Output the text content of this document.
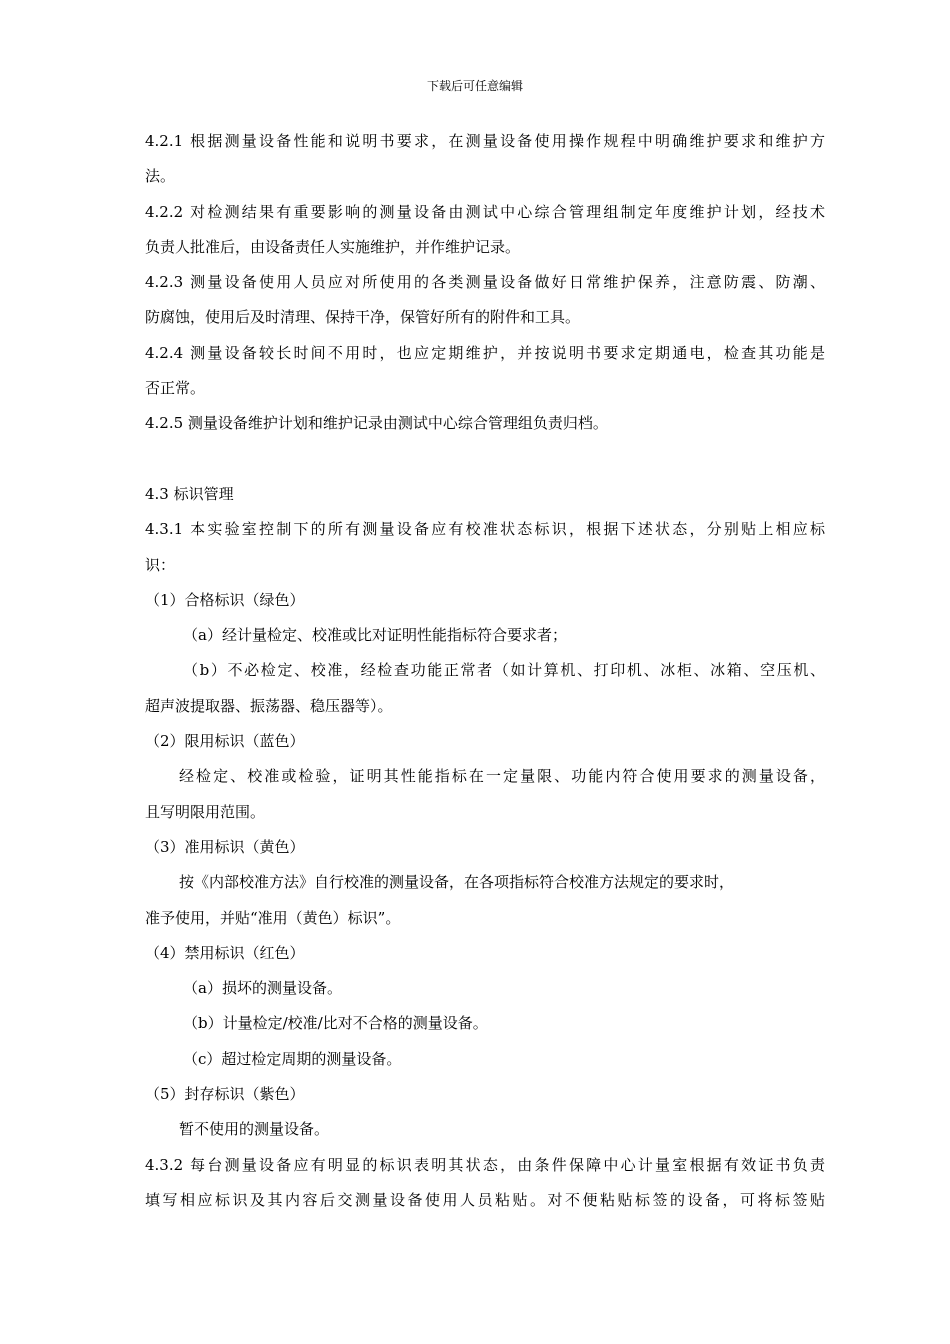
下载后可任意编辑
4.2.1 根据测量设备性能和说明书要求，在测量设备使用操作规程中明确维护要求和维护方
法。
4.2.2 对检测结果有重要影响的测量设备由测试中心综合管理组制定年度维护计划，经技术
负责人批准后，由设备责任人实施维护，并作维护记录。
4.2.3 测量设备使用人员应对所使用的各类测量设备做好日常维护保养，注意防震、防潮、
防腐蚀，使用后及时清理、保持干净，保管好所有的附件和工具。
4.2.4 测量设备较长时间不用时，也应定期维护，并按说明书要求定期通电，检查其功能是
否正常。
4.2.5 测量设备维护计划和维护记录由测试中心综合管理组负责归档。
4.3 标识管理
4.3.1 本实验室控制下的所有测量设备应有校准状态标识，根据下述状态，分别贴上相应标
识：
（1）合格标识（绿色）
（a）经计量检定、校准或比对证明性能指标符合要求者；
（b）不必检定、校准，经检查功能正常者（如计算机、打印机、冰柜、冰箱、空压机、
超声波提取器、振荡器、稳压器等）。
（2）限用标识（蓝色）
经检定、校准或检验，证明其性能指标在一定量限、功能内符合使用要求的测量设备，
且写明限用范围。
（3）准用标识（黄色）
按《内部校准方法》自行校准的测量设备，在各项指标符合校准方法规定的要求时，
准予使用，并贴“准用（黄色）标识”。
（4）禁用标识（红色）
（a）损坏的测量设备。
（b）计量检定/校准/比对不合格的测量设备。
（c）超过检定周期的测量设备。
（5）封存标识（紫色）
暂不使用的测量设备。
4.3.2 每台测量设备应有明显的标识表明其状态，由条件保障中心计量室根据有效证书负责
填写相应标识及其内容后交测量设备使用人员粘贴。对不便粘贴标签的设备，可将标签贴
